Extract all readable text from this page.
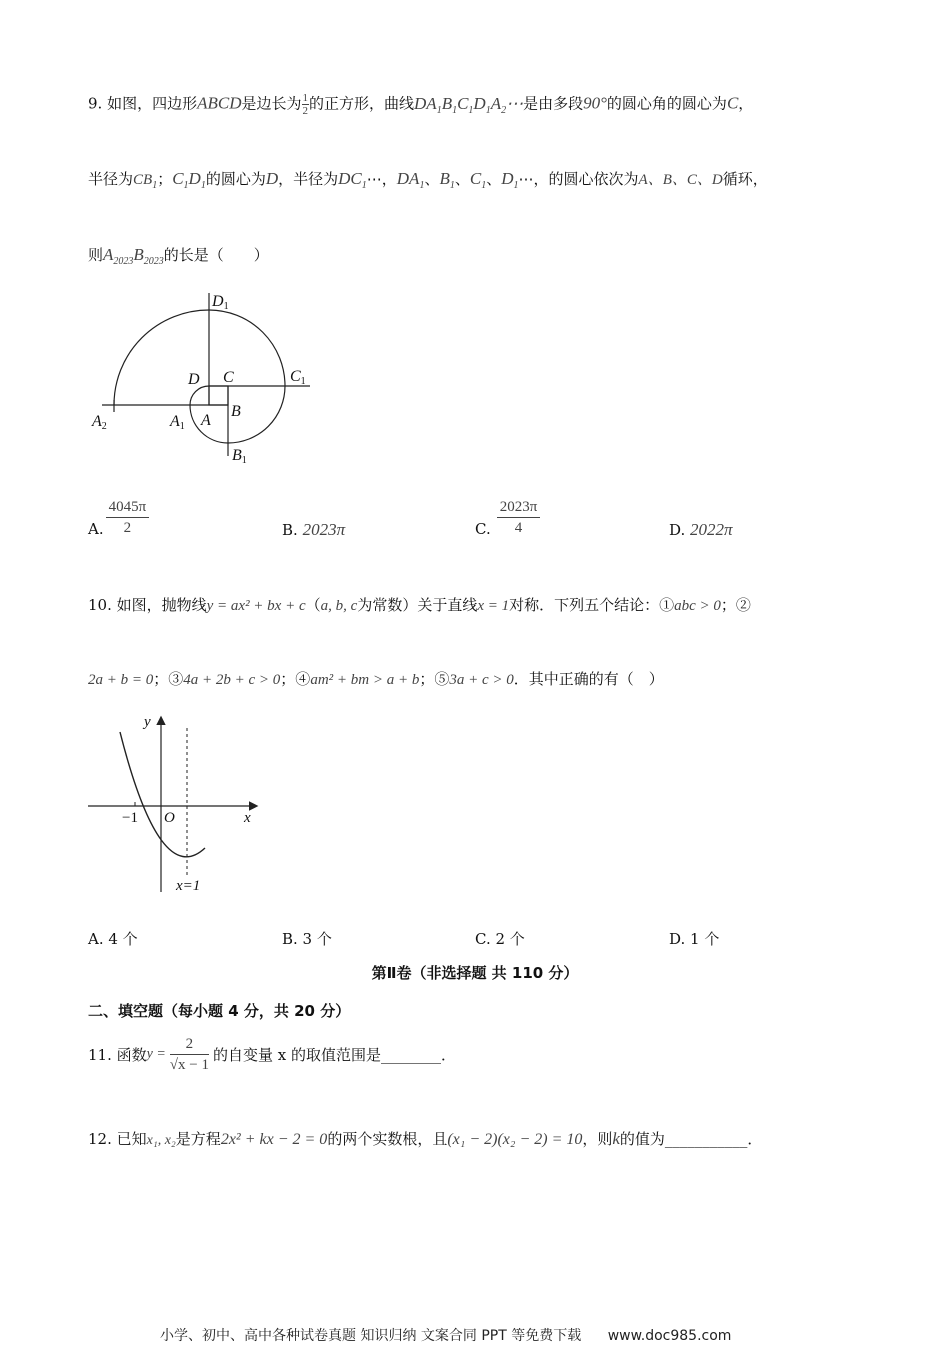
9. 如图，四边形ABCD是边长为 $\frac{1}{2}$ 的正方形，曲线$DA_1B_1C_1D_1A_2\cdots$是由多段90°的圆心角的圆心为C，
半径为$CB_1$；$C_1D_1$的圆心为D，半径为$DC_1\cdots$，$DA_1$、$B_1$、$C_1$、$D_1\cdots$，的圆心依次为A、B、C、D循环，
则$A_{2023}B_{2023}$的长是（　　）
D1
C1
A2	A1
B1
D C
A
B
A. $\frac{4045\pi}{2}$	B. 2023π	C. $\frac{2023\pi}{4}$	D. 2022π
10. 如图，抛物线y = ax² + bx + c（a, b, c为常数）关于直线x = 1对称．下列五个结论：①abc > 0；②
2a + b = 0；③4a + 2b + c > 0；④am² + bm > a + b；⑤3a + c > 0．其中正确的有（　）
y
x
O
−1
x=1
A. 4 个	B. 3 个	C. 2 个	D. 1 个
第Ⅱ卷（非选择题 共 110 分）
二、填空题（每小题 4 分，共 20 分）
11. 函数$y = \frac{2}{√x - 1}$ 的自变量 x 的取值范围是________．
12. 已知x₁, x₂是方程2x² + kx − 2 = 0的两个实数根，且(x₁ − 2)(x₂ − 2) = 10，则k的值为___________．
小学、初中、高中各种试卷真题 知识归纳 文案合同 PPT 等免费下载 www.doc985.com
